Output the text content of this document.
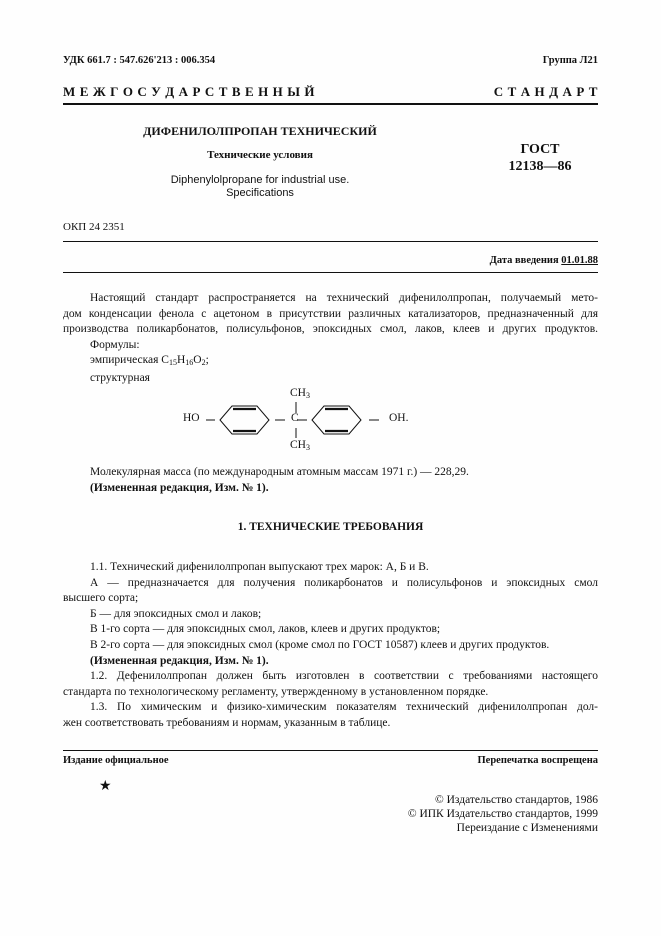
УДК 661.7 : 547.626'213 : 006.354	Группа Л21
М Е Ж Г О С У Д А Р С Т В Е Н Н Ы Й	С Т А Н Д А Р Т
ДИФЕНИЛОЛПРОПАН ТЕХНИЧЕСКИЙ
Технические условия
Diphenylolpropane for industrial use.
Specifications
ГОСТ
12138—86
ОКП 24 2351
Дата введения 01.01.88
Настоящий стандарт распространяется на технический дифенилолпропан, получаемый мето-
дом конденсации фенола с ацетоном в присутствии различных катализаторов, предназначенный для
производства поликарбонатов, полисульфонов, эпоксидных смол, лаков, клеев и других продуктов.
Формулы:
эмпирическая $C_{15}H_{16}O_2$;
структурная
HO	C
$CH_3$
$CH_3$
OH.
Молекулярная масса (по международным атомным массам 1971 г.) — 228,29.
(Измененная редакция, Изм. № 1).
1. ТЕХНИЧЕСКИЕ ТРЕБОВАНИЯ
1.1. Технический дифенилолпропан выпускают трех марок: А, Б и В.
А — предназначается для получения поликарбонатов и полисульфонов и эпоксидных смол
высшего сорта;
Б — для эпоксидных смол и лаков;
В 1-го сорта — для эпоксидных смол, лаков, клеев и других продуктов;
В 2-го сорта — для эпоксидных смол (кроме смол по ГОСТ 10587) клеев и других продуктов.
(Измененная редакция, Изм. № 1).
1.2. Дефенилолпропан должен быть изготовлен в соответствии с требованиями настоящего
стандарта по технологическому регламенту, утвержденному в установленном порядке.
1.3. По химическим и физико-химическим показателям технический дифенилолпропан дол-
жен соответствовать требованиям и нормам, указанным в таблице.
Издание официальное	Перепечатка воспрещена
★
© Издательство стандартов, 1986
© ИПК Издательство стандартов, 1999
Переиздание с Изменениями
